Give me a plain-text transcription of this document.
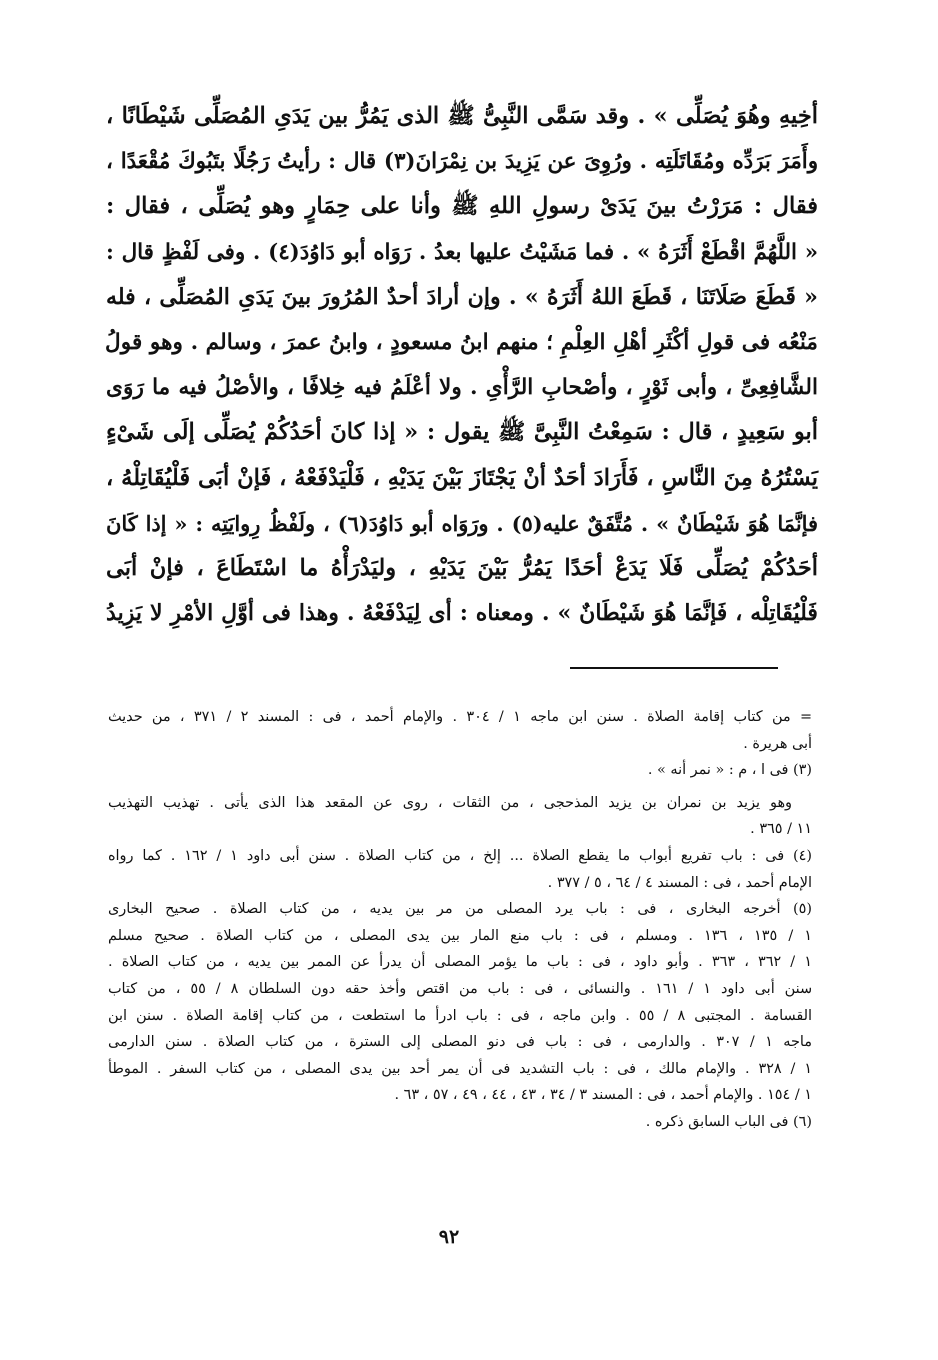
أخِيهِ وهُوَ يُصَلِّى » . وقد سَمَّى النَّبِىُّ ﷺ الذى يَمُرُّ بين يَدَىِ المُصَلِّى شَيْطَانًا ،
وأَمَرَ بَرَدِّه ومُقَاتَلَتِه . ورُوِىَ عن يَزِيدَ بن نِمْرَانَ(٣) قال : رأيتُ رَجُلًا بتَبُوكَ مُقْعَدًا ،
فقال : مَرَرْتُ بينَ يَدَىْ رسولِ اللهِ ﷺ وأنا على حِمَارٍ وهو يُصَلِّى ، فقال :
« اللَّهُمَّ اقْطَعْ أَثَرَهُ » . فما مَشَيْتُ عليها بعدُ . رَوَاه أبو دَاوُدَ(٤) . وفى لَفْظٍ قال :
« قَطَعَ صَلَاتَنَا ، قَطَعَ اللهُ أَثَرَهُ » . وإن أرادَ أحدٌ المُرُورَ بينَ يَدَىِ المُصَلِّى ، فله
مَنْعُه فى قولِ أكْثَرِ أهْلِ العِلْمِ ؛ منهم ابنُ مسعودٍ ، وابنُ عمرَ ، وسالم . وهو قولُ
الشَّافِعِىِّ ، وأبى ثَوْرٍ ، وأصْحابِ الرَّأْىِ . ولا أعْلَمُ فيه خِلافًا ، والأصْلُ فيه ما رَوَى
أبو سَعِيدٍ ، قال : سَمِعْتُ النَّبِىَّ ﷺ يقول : « إذا كانَ أحَدُكُمْ يُصَلِّى إلَى شَىْءٍ
يَسْتُرُهُ مِنَ النَّاسِ ، فَأَرَادَ أحَدٌ أنْ يَجْتَازَ بَيْنَ يَدَيْهِ ، فَلْيَدْفَعْهُ ، فَإنْ أبَى فَلْيُقَاتِلْهُ ،
فإنَّمَا هُوَ شَيْطَانٌ » . مُتَّفَقٌ عليه(٥) . ورَوَاه أبو دَاوُدَ(٦) ، ولَفْظُ رِوايَتِه : « إذا كَانَ
أحَدُكُمْ يُصَلِّى فَلَا يَدَعْ أحَدًا يَمُرُّ بَيْنَ يَدَيْهِ ، وليَدْرَأْهُ ما اسْتَطَاعَ ، فإنْ أبَى
فَلْيُقَاتِلْه ، فَإنَّمَا هُوَ شَيْطَانٌ » . ومعناه : أى لِيَدْفَعْهُ . وهذا فى أوَّلِ الأمْرِ لا يَزِيدُ
= من كتاب إقامة الصلاة . سنن ابن ماجه ١ / ٣٠٤ . والإمام أحمد ، فى : المسند ٢ / ٣٧١ ، من حديث
أبى هريرة .
(٣) فى ا ، م : « نمر أنه » .
وهو يزيد بن نمران بن يزيد المذحجى ، من الثقات ، روى عن المقعد هذا الذى يأتى . تهذيب التهذيب
١١ / ٣٦٥ .
(٤) فى : باب تفريع أبواب ما يقطع الصلاة ... إلخ ، من كتاب الصلاة . سنن أبى داود ١ / ١٦٢ . كما رواه
الإمام أحمد ، فى : المسند ٤ / ٦٤ ، ٥ / ٣٧٧ .
(٥) أخرجه البخارى ، فى : باب يرد المصلى من مر بين يديه ، من كتاب الصلاة . صحيح البخارى
١ / ١٣٥ ، ١٣٦ . ومسلم ، فى : باب منع المار بين يدى المصلى ، من كتاب الصلاة . صحيح مسلم
١ / ٣٦٢ ، ٣٦٣ . وأبو داود ، فى : باب ما يؤمر المصلى أن يدرأ عن الممر بين يديه ، من كتاب الصلاة .
سنن أبى داود ١ / ١٦١ . والنسائى ، فى : باب من اقتص وأخذ حقه دون السلطان ٨ / ٥٥ ، من كتاب
القسامة . المجتبى ٨ / ٥٥ . وابن ماجه ، فى : باب ادرأ ما استطعت ، من كتاب إقامة الصلاة . سنن ابن
ماجه ١ / ٣٠٧ . والدارمى ، فى : باب فى دنو المصلى إلى السترة ، من كتاب الصلاة . سنن الدارمى
١ / ٣٢٨ . والإمام مالك ، فى : باب التشديد فى أن يمر أحد بين يدى المصلى ، من كتاب السفر . الموطأ
١ / ١٥٤ . والإمام أحمد ، فى : المسند ٣ / ٣٤ ، ٤٣ ، ٤٤ ، ٤٩ ، ٥٧ ، ٦٣ .
(٦) فى الباب السابق ذكره .
٩٢
